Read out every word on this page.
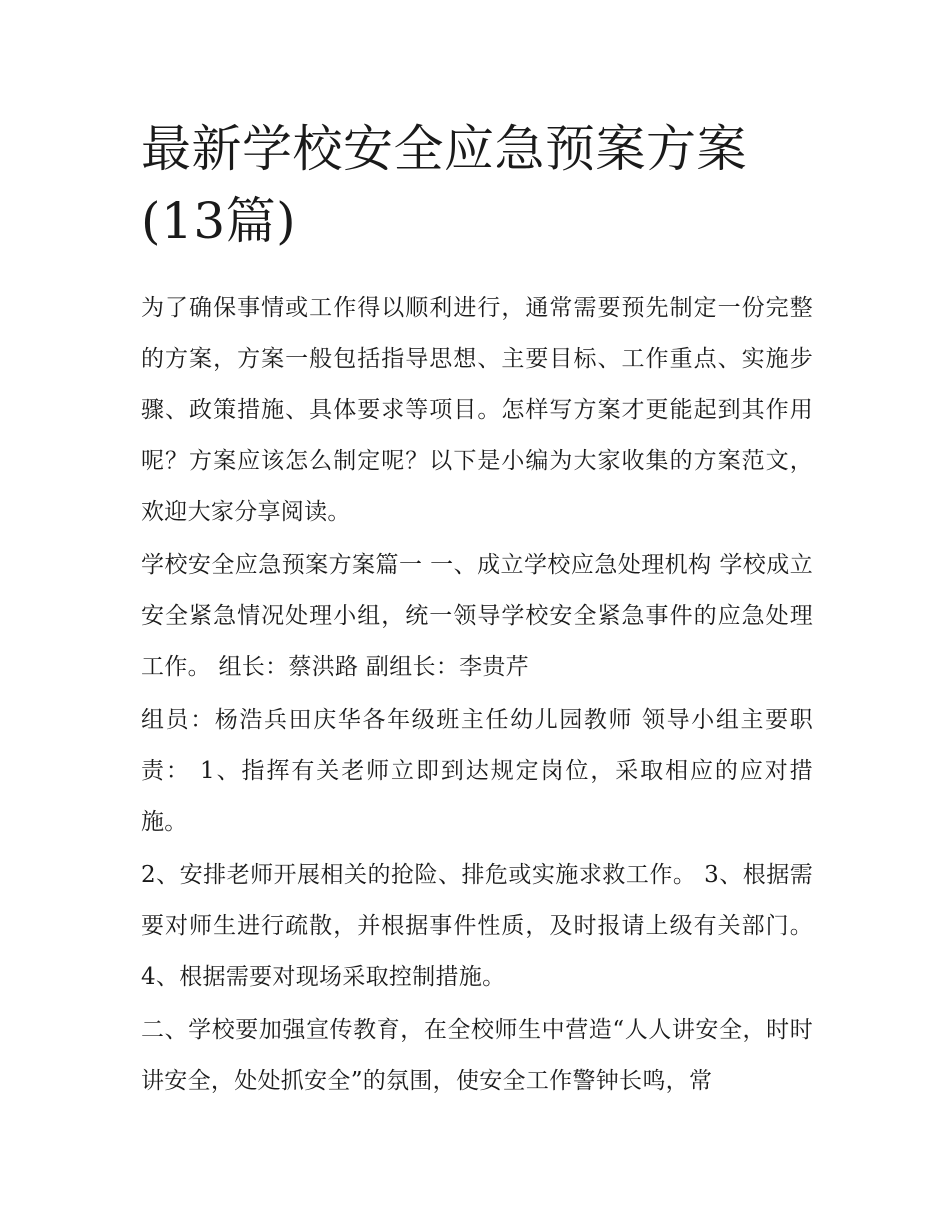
最新学校安全应急预案方案(13篇)

为了确保事情或工作得以顺利进行，通常需要预先制定一份完整的方案，方案一般包括指导思想、主要目标、工作重点、实施步骤、政策措施、具体要求等项目。怎样写方案才更能起到其作用呢？方案应该怎么制定呢？以下是小编为大家收集的方案范文，欢迎大家分享阅读。

学校安全应急预案方案篇一 一、成立学校应急处理机构 学校成立安全紧急情况处理小组，统一领导学校安全紧急事件的应急处理工作。 组长：蔡洪路 副组长：李贵芹

组员：杨浩兵田庆华各年级班主任幼儿园教师 领导小组主要职责： 1、指挥有关老师立即到达规定岗位，采取相应的应对措施。

2、安排老师开展相关的抢险、排危或实施求救工作。 3、根据需要对师生进行疏散，并根据事件性质，及时报请上级有关部门。 4、根据需要对现场采取控制措施。

二、学校要加强宣传教育，在全校师生中营造“人人讲安全，时时讲安全，处处抓安全”的氛围，使安全工作警钟长鸣，常
